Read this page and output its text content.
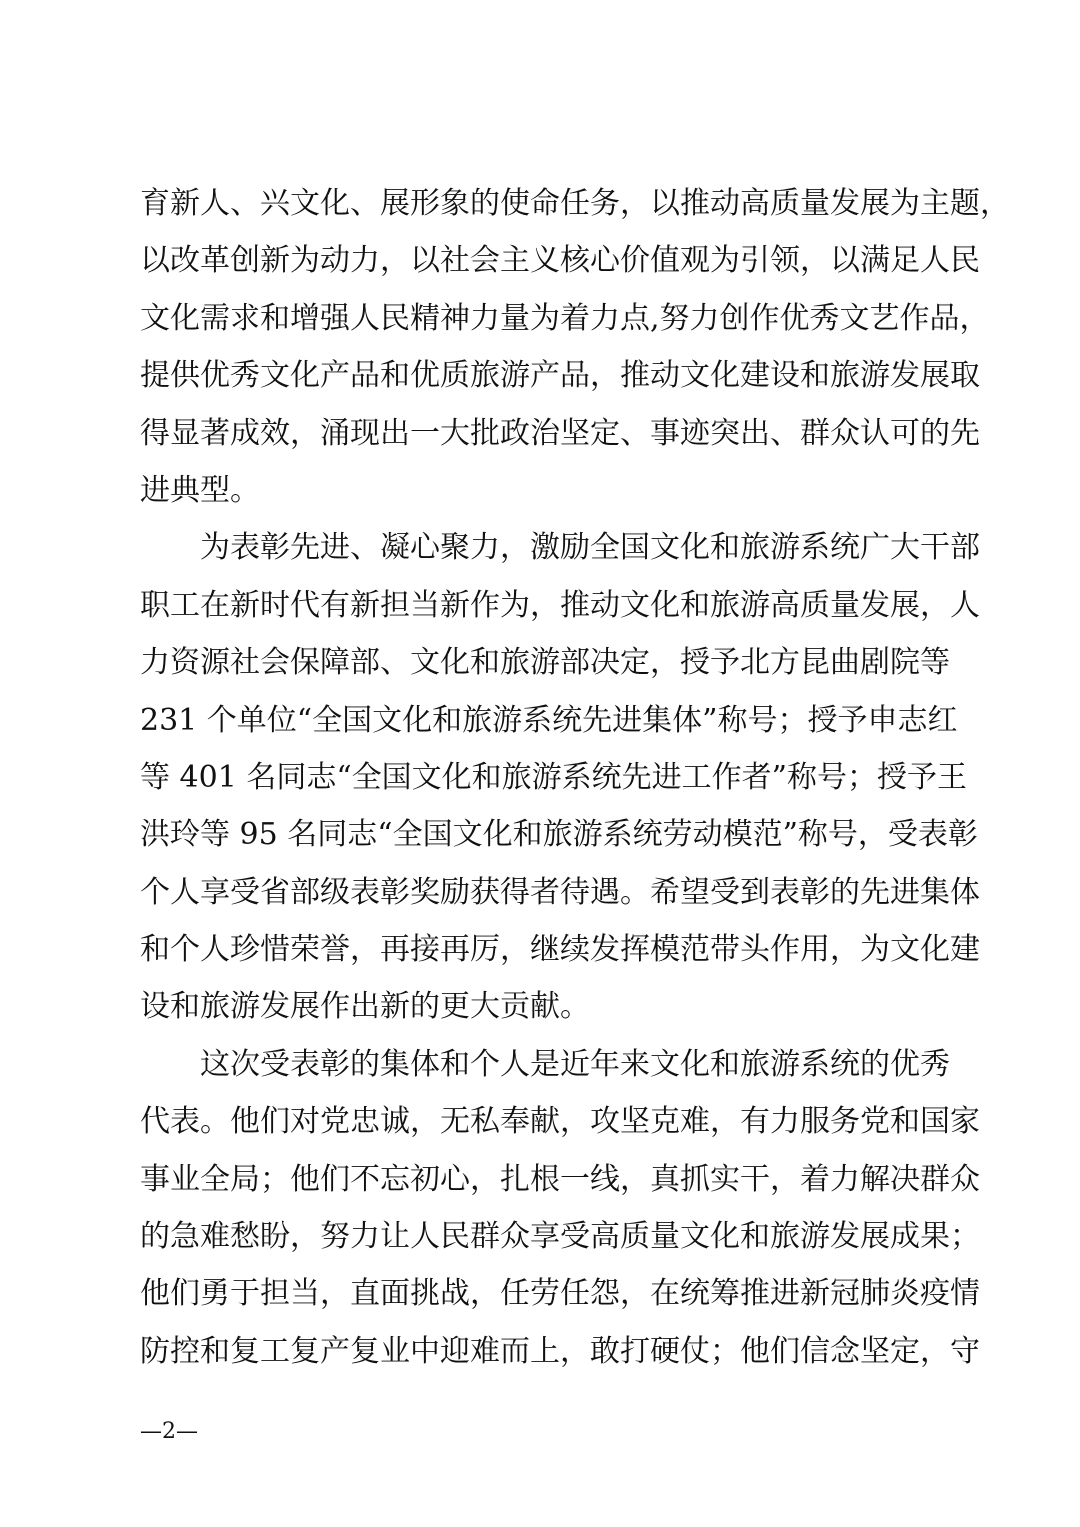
育新人、兴文化、展形象的使命任务，以推动高质量发展为主题，
以改革创新为动力，以社会主义核心价值观为引领，以满足人民
文化需求和增强人民精神力量为着力点,努力创作优秀文艺作品，
提供优秀文化产品和优质旅游产品，推动文化建设和旅游发展取
得显著成效，涌现出一大批政治坚定、事迹突出、群众认可的先
进典型。
为表彰先进、凝心聚力，激励全国文化和旅游系统广大干部
职工在新时代有新担当新作为，推动文化和旅游高质量发展，人
力资源社会保障部、文化和旅游部决定，授予北方昆曲剧院等
231 个单位“全国文化和旅游系统先进集体”称号；授予申志红
等 401 名同志“全国文化和旅游系统先进工作者”称号；授予王
洪玲等 95 名同志“全国文化和旅游系统劳动模范”称号，受表彰
个人享受省部级表彰奖励获得者待遇。希望受到表彰的先进集体
和个人珍惜荣誉，再接再厉，继续发挥模范带头作用，为文化建
设和旅游发展作出新的更大贡献。
这次受表彰的集体和个人是近年来文化和旅游系统的优秀
代表。他们对党忠诚，无私奉献，攻坚克难，有力服务党和国家
事业全局；他们不忘初心，扎根一线，真抓实干，着力解决群众
的急难愁盼，努力让人民群众享受高质量文化和旅游发展成果；
他们勇于担当，直面挑战，任劳任怨，在统筹推进新冠肺炎疫情
防控和复工复产复业中迎难而上，敢打硬仗；他们信念坚定，守
—2—
